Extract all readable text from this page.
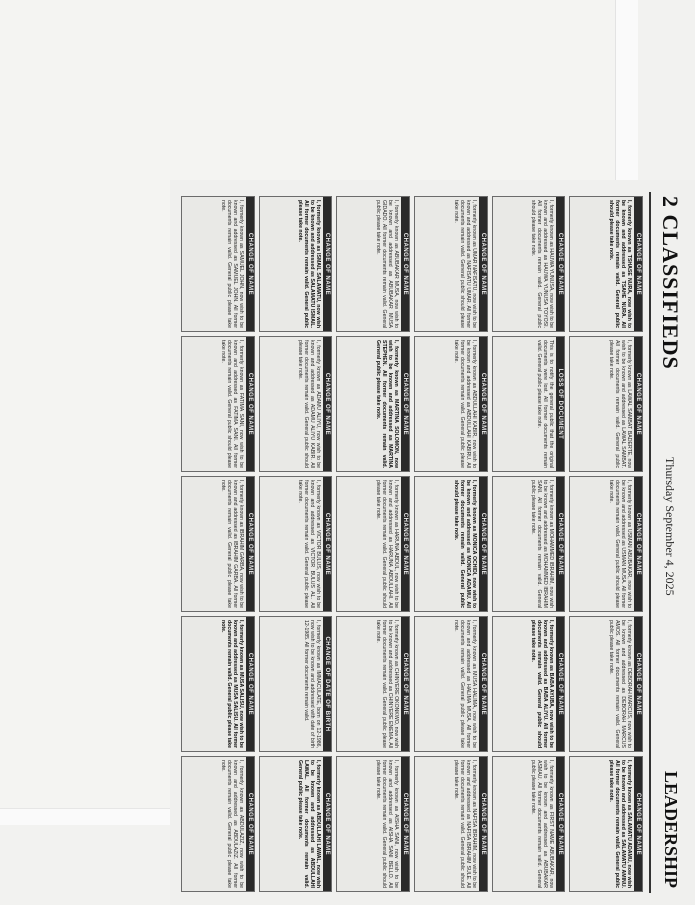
2 CLASSIFIEDS
Thursday September 4, 2025
LEADERSHIP
CHANGE OF NAME
I, formerly known as TSHASE NURA, now wish to be known and addressed as TSAHE NURA. All former documents remain valid. General public should please take note.
CHANGE OF NAME
I, formerly known as LAWAL SAMBAT BADERTE, now wish to be known and addressed as LAWAL SAMBAT. All former documents remain valid. General public please take note.
CHANGE OF NAME
I, formerly known as USMAN ABUBAKAR, now wish to be known and addressed as USMAN MUSA. All former documents remain valid. General public should please take note.
CHANGE OF NAME
I, formerly known as DEBORAH MARCUS, now wish to be known and addressed as DEBORAH MARCUS AMOS. All former documents remain valid. General public please take note.
CHANGE OF NAME
I, formerly known as SALAMATU ADAMU, now wish to be known and addressed as SALAMATU AMINU. All former documents remain valid. General public please take note.
CHANGE OF NAME
I, formerly known as HAUWA YUNUSA, now wish to be known and addressed as HAUWA YUNUSA TOYOSI. All former documents remain valid. General public should please take note.
LOSS OF DOCUMENT
This is to notify the general public that the original documents were lost. All former documents remain valid. General public please take note.
CHANGE OF NAME
I, formerly known as MOHAMMED IBRAHIM, now wish to be known and addressed as MOHAMMED IBRAHIM SANI. All former documents remain valid. General public please take note.
CHANGE OF NAME
I, formerly known as BABA AYUBA, now wish to be known and addressed as BABA ALIYU. All former documents remain valid. General public should please take note.
CHANGE OF NAME
I, formerly known as FIRST NAME ABUBAKAR, now wish to be known and addressed as ABUBAKAR ASMAU. All former documents remain valid. General public please take note.
CHANGE OF NAME
I, formerly known as UMAR NAFISATU, now wish to be known and addressed as NAFISATU UMAR. All former documents remain valid. General public should please take note.
CHANGE OF NAME
I, formerly known as ABDULLAHI KABIR, now wish to be known and addressed as ABDULLAHI KABIRU. All former documents remain valid. General public please take note.
CHANGE OF NAME
I, formerly known as MONICA OCHIDI, now wish to be known and addressed as MONICA ADAMU. All former documents remain valid. General public should please take note.
CHANGE OF NAME
I, formerly known as MUSA HALIMA, now wish to be known and addressed as HALIMA MUSA. All former documents remain valid. General public please take note.
CHANGE OF NAME
I, formerly known as NAFISA IBRAHIM, now wish to be known and addressed as NAFISA IBRAHIM SULE. All former documents remain valid. General public should please take note.
CHANGE OF NAME
I, formerly known as ABUBAKAR MUSA, now wish to be known and addressed as ABUBAKAR MUSA GIDADO. All former documents remain valid. General public please take note.
CHANGE OF NAME
I, formerly known as MARTINA SOLOMON, now wish to be known and addressed as MARTINA STEPHEN. All former documents remain valid. General public please take note.
CHANGE OF NAME
I, formerly known as HARUNA ABDUL, now wish to be known and addressed as HARUNA ABDULLAHI. All former documents remain valid. General public should please take note.
CHANGE OF NAME
I, formerly known as CHINYERE OKONKWO, now wish to be known and addressed as CHINYERE ENEMA. All former documents remain valid. General public please take note.
CHANGE OF NAME
I, formerly known as AISHA SANI, now wish to be known and addressed as AISHA SANI BELLO. All former documents remain valid. General public should please take note.
CHANGE OF NAME
I, formerly known as ISMAIL SALAMATU, now wish to be known and addressed as SALAMATU ISMAIL. All former documents remain valid. General public please take note.
CHANGE OF NAME
I, formerly known as ADAMU ALIYU, now wish to be known and addressed as ADAMU ALIYU KABIR. All former documents remain valid. General public should please take note.
CHANGE OF NAME
I, formerly known as VICTOR BULUS, now wish to be known and addressed as VICTOR BULUS AL. All former documents remain valid. General public please take note.
CHANGE OF DATE OF BIRTH
I, formerly known as IMMACULATE, born on 12-1986, now wish to be known and addressed with date of birth 12-1985. All former documents remain valid.
CHANGE OF NAME
I, formerly known as ABDULLAHI LAWAL, now wish to be known and addressed as ABDULLAHI LAWAL. All former documents remain valid. General public please take note.
CHANGE OF NAME
I, formerly known as SAMUEL JOHN, now wish to be known and addressed as SAMUEL JOHN. All former documents remain valid. General public please take note.
CHANGE OF NAME
I, formerly known as FATIMA SANI, now wish to be known and addressed as FATIMA SANI. All former documents remain valid. General public should please take note.
CHANGE OF NAME
I, formerly known as IBRAHIM GARBA, now wish to be known and addressed as IBRAHIM GARBA. All former documents remain valid. General public please take note.
CHANGE OF NAME
I, formerly known as MUSA SALISU, now wish to be known and addressed as MUSA SALISU. All former documents remain valid. General public please take note.
CHANGE OF NAME
I, formerly known as ABDULAZIZ, now wish to be known and addressed as ABDULAZIZ. All former documents remain valid. General public please take note.
